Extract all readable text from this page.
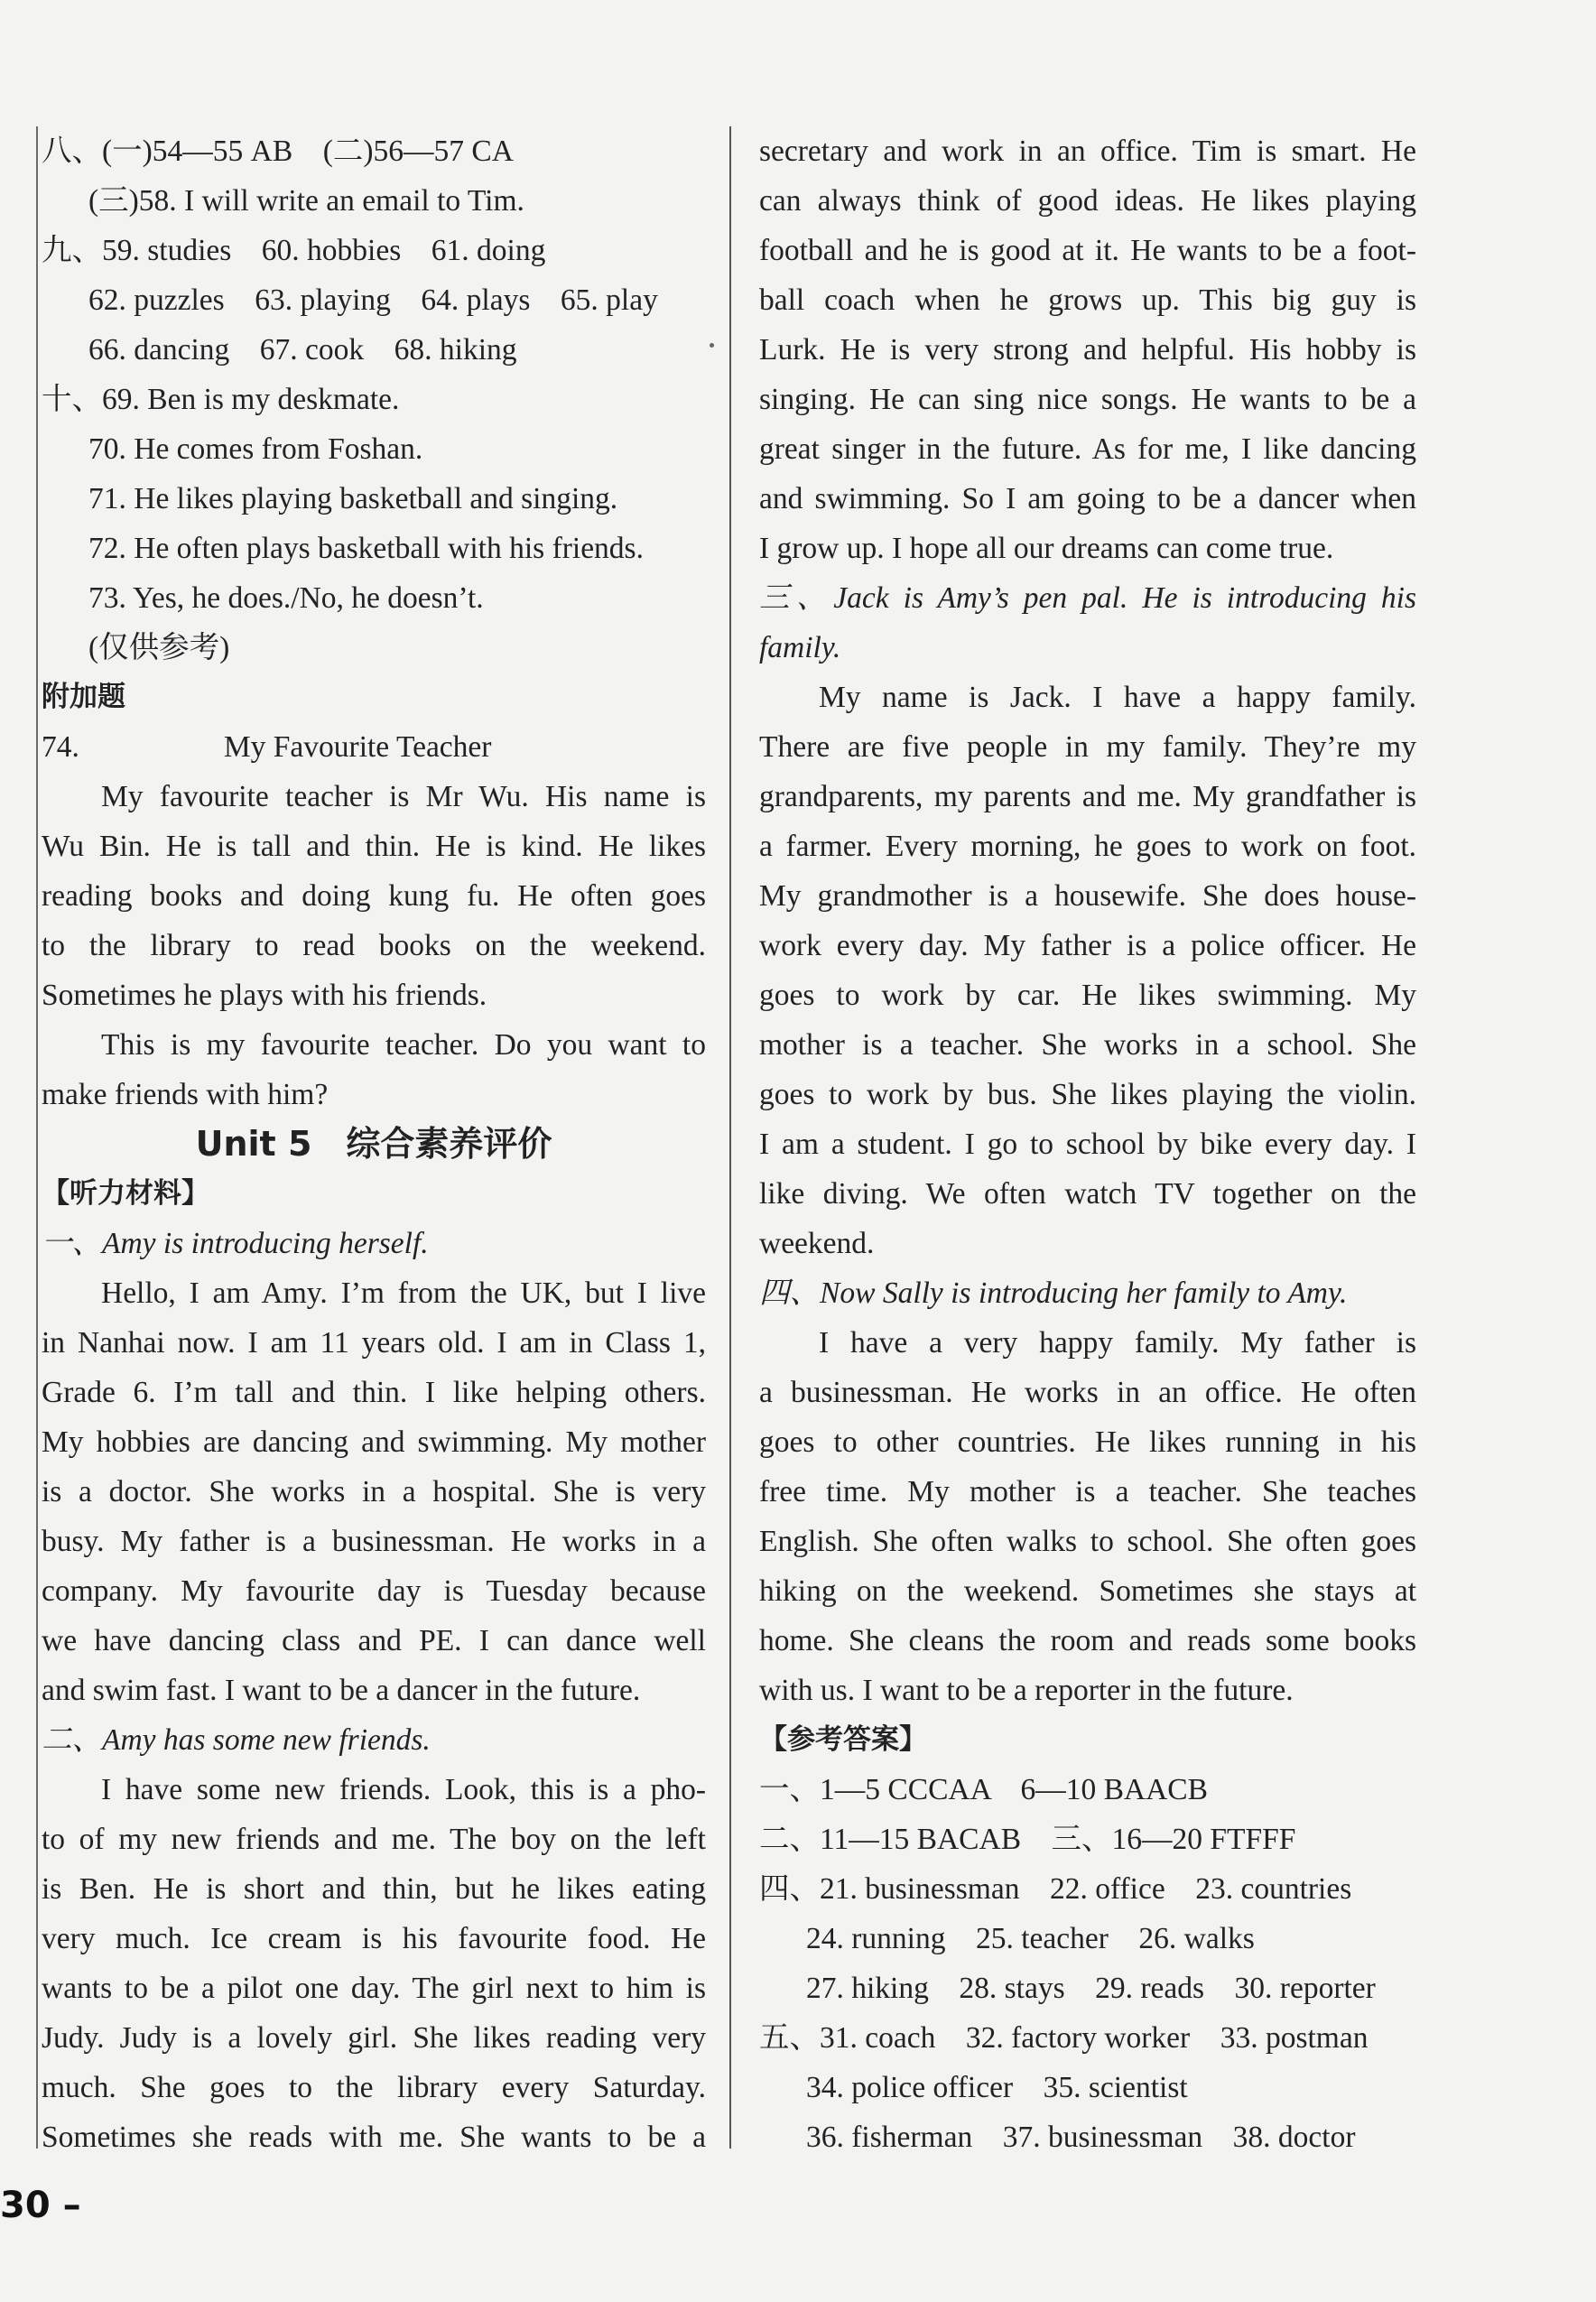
八、(一)54—55 AB　(二)56—57 CA

(三)58. I will write an email to Tim.

九、59. studies　60. hobbies　61. doing

62. puzzles　63. playing　64. plays　65. play

66. dancing　67. cook　68. hiking

十、69. Ben is my deskmate.

70. He comes from Foshan.

71. He likes playing basketball and singing.

72. He often plays basketball with his friends.

73. Yes, he does./No, he doesn’t.

(仅供参考)

附加题

74.	My Favourite Teacher

My favourite teacher is Mr Wu. His name is

Wu Bin. He is tall and thin. He is kind. He likes

reading books and doing kung fu. He often goes

to the library to read books on the weekend.

Sometimes he plays with his friends.

This is my favourite teacher. Do you want to

make friends with him?

Unit 5　综合素养评价

【听力材料】

一、Amy is introducing herself.

Hello, I am Amy. I’m from the UK, but I live

in Nanhai now. I am 11 years old. I am in Class 1,

Grade 6. I’m tall and thin. I like helping others.

My hobbies are dancing and swimming. My mother

is a doctor. She works in a hospital. She is very

busy. My father is a businessman. He works in a

company. My favourite day is Tuesday because

we have dancing class and PE. I can dance well

and swim fast. I want to be a dancer in the future.

二、Amy has some new friends.

I have some new friends. Look, this is a pho-

to of my new friends and me. The boy on the left

is Ben. He is short and thin, but he likes eating

very much. Ice cream is his favourite food. He

wants to be a pilot one day. The girl next to him is

Judy. Judy is a lovely girl. She likes reading very

much. She goes to the library every Saturday.

Sometimes she reads with me. She wants to be a

secretary and work in an office. Tim is smart. He

can always think of good ideas. He likes playing

football and he is good at it. He wants to be a foot-

ball coach when he grows up. This big guy is

Lurk. He is very strong and helpful. His hobby is

singing. He can sing nice songs. He wants to be a

great singer in the future. As for me, I like dancing

and swimming. So I am going to be a dancer when

I grow up. I hope all our dreams can come true.

三、Jack is Amy’s pen pal. He is introducing his

family.

My name is Jack. I have a happy family.

There are five people in my family. They’re my

grandparents, my parents and me. My grandfather is

a farmer. Every morning, he goes to work on foot.

My grandmother is a housewife. She does house-

work every day. My father is a police officer. He

goes to work by car. He likes swimming. My

mother is a teacher. She works in a school. She

goes to work by bus. She likes playing the violin.

I am a student. I go to school by bike every day. I

like diving. We often watch TV together on the

weekend.

四、Now Sally is introducing her family to Amy.

I have a very happy family. My father is

a businessman. He works in an office. He often

goes to other countries. He likes running in his

free time. My mother is a teacher. She teaches

English. She often walks to school. She often goes

hiking on the weekend. Sometimes she stays at

home. She cleans the room and reads some books

with us. I want to be a reporter in the future.

【参考答案】

一、1—5 CCCAA　6—10 BAACB

二、11—15 BACAB　三、16—20 FTFFF

四、21. businessman　22. office　23. countries

24. running　25. teacher　26. walks

27. hiking　28. stays　29. reads　30. reporter

五、31. coach　32. factory worker　33. postman

34. police officer　35. scientist

36. fisherman　37. businessman　38. doctor

30 –
